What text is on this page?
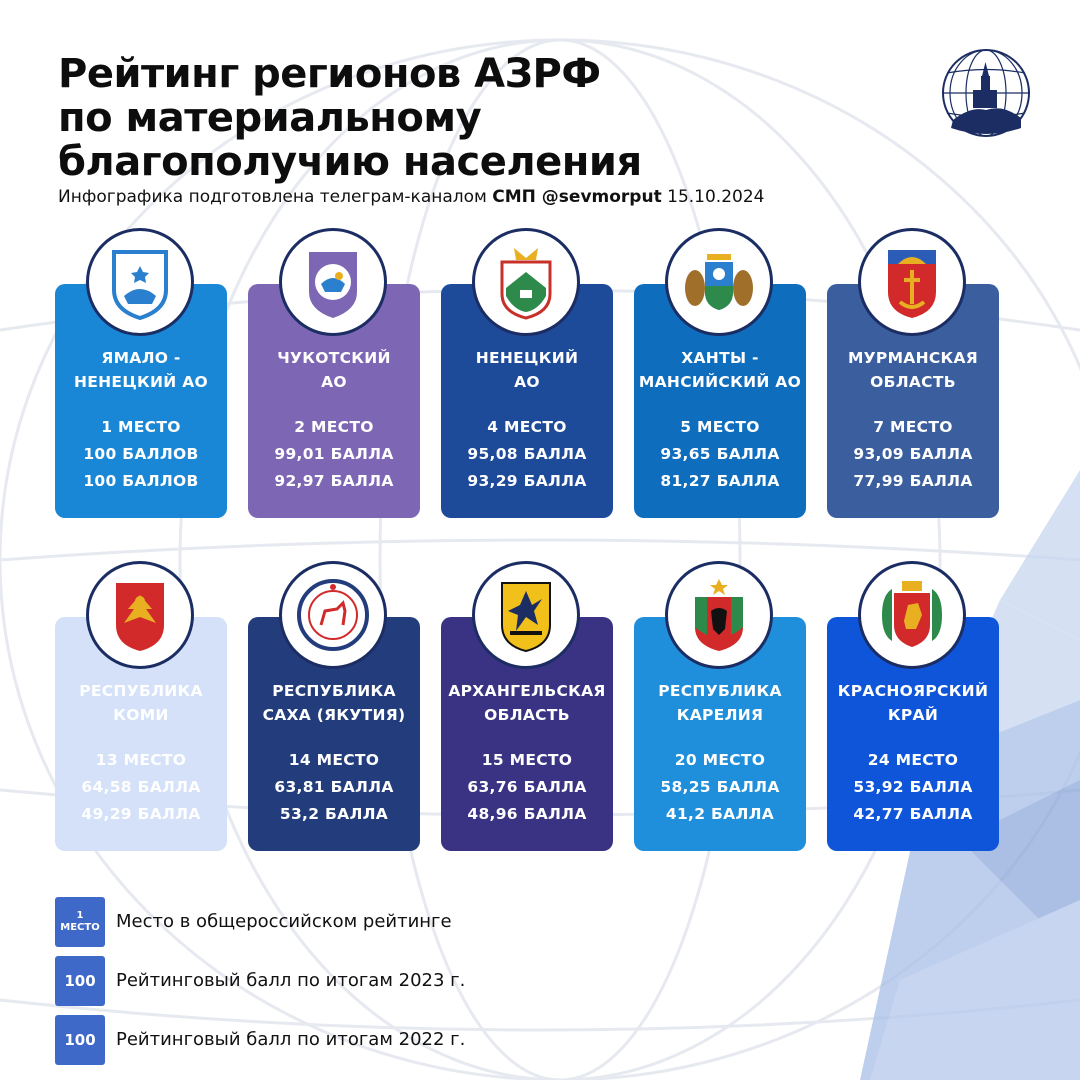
Рейтинг регионов АЗРФ
по материальному
благополучию населения
Инфографика подготовлена телеграм-каналом СМП @sevmorput 15.10.2024
ЯМАЛО -
НЕНЕЦКИЙ АО
1 МЕСТО
100 БАЛЛОВ
100 БАЛЛОВ
ЧУКОТСКИЙ
АО
2 МЕСТО
99,01 БАЛЛА
92,97 БАЛЛА
НЕНЕЦКИЙ
АО
4 МЕСТО
95,08 БАЛЛА
93,29 БАЛЛА
ХАНТЫ -
МАНСИЙСКИЙ АО
5 МЕСТО
93,65 БАЛЛА
81,27 БАЛЛА
МУРМАНСКАЯ
ОБЛАСТЬ
7 МЕСТО
93,09 БАЛЛА
77,99 БАЛЛА
РЕСПУБЛИКА
КОМИ
13 МЕСТО
64,58 БАЛЛА
49,29 БАЛЛА
РЕСПУБЛИКА
САХА (ЯКУТИЯ)
14 МЕСТО
63,81 БАЛЛА
53,2 БАЛЛА
АРХАНГЕЛЬСКАЯ
ОБЛАСТЬ
15 МЕСТО
63,76 БАЛЛА
48,96 БАЛЛА
РЕСПУБЛИКА
КАРЕЛИЯ
20 МЕСТО
58,25 БАЛЛА
41,2 БАЛЛА
КРАСНОЯРСКИЙ
КРАЙ
24 МЕСТО
53,92 БАЛЛА
42,77 БАЛЛА
1
МЕСТО Место в общероссийском рейтинге
100	Рейтинговый балл по итогам 2023 г.
100	Рейтинговый балл по итогам 2022 г.
